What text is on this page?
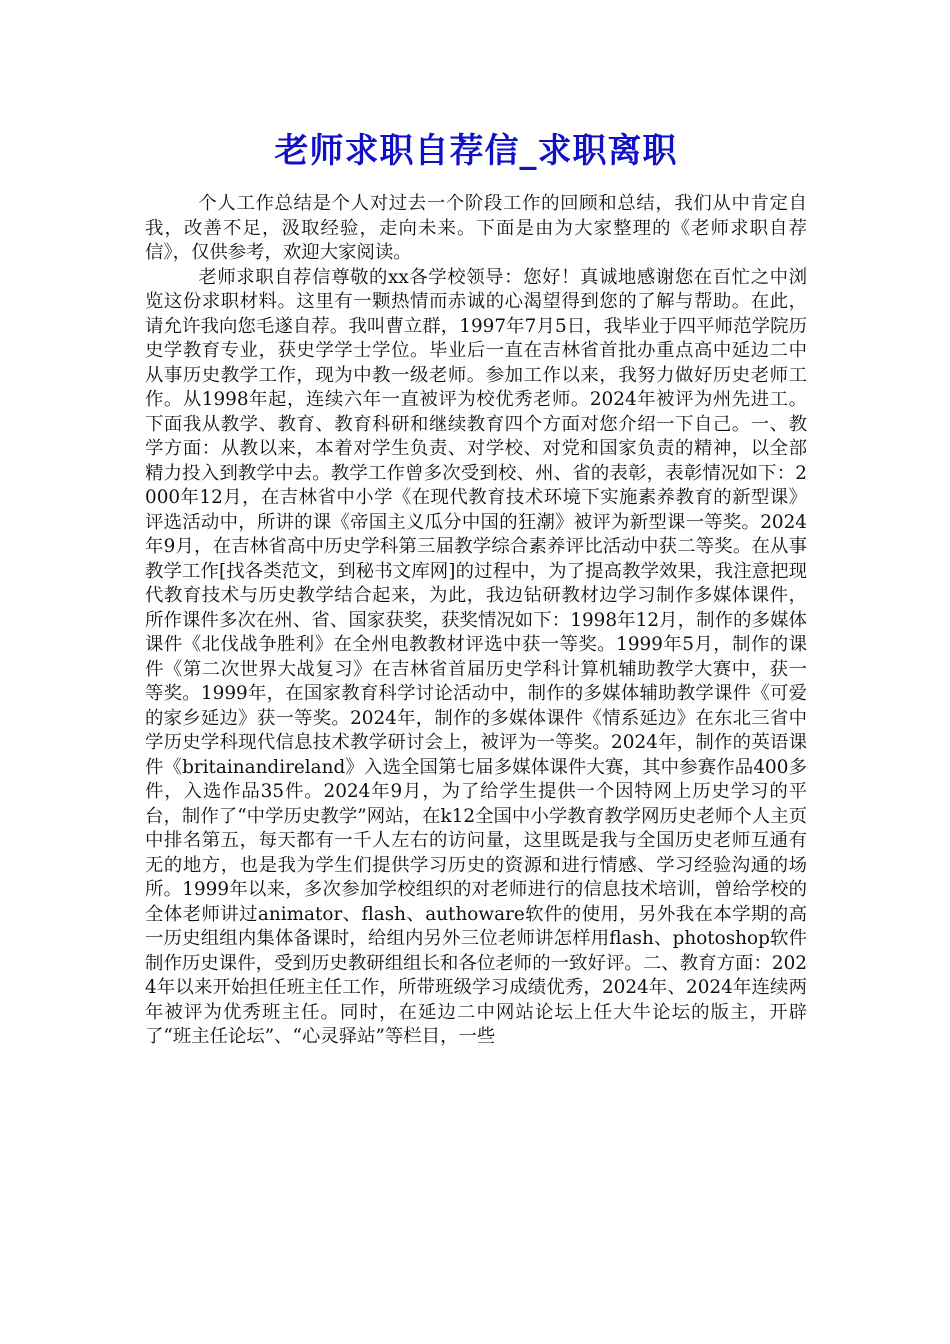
老师求职自荐信_求职离职

个人工作总结是个人对过去一个阶段工作的回顾和总结，我们从中肯定自我，改善不足，汲取经验，走向未来。下面是由为大家整理的《老师求职自荐信》，仅供参考，欢迎大家阅读。

老师求职自荐信尊敬的xx各学校领导：您好！真诚地感谢您在百忙之中浏览这份求职材料。这里有一颗热情而赤诚的心渴望得到您的了解与帮助。在此，请允许我向您毛遂自荐。我叫曹立群，1997年7月5日，我毕业于四平师范学院历史学教育专业，获史学学士学位。毕业后一直在吉林省首批办重点高中延边二中从事历史教学工作，现为中教一级老师。参加工作以来，我努力做好历史老师工作。从1998年起，连续六年一直被评为校优秀老师。2024年被评为州先进工。下面我从教学、教育、教育科研和继续教育四个方面对您介绍一下自己。一、教学方面：从教以来，本着对学生负责、对学校、对党和国家负责的精神，以全部精力投入到教学中去。教学工作曾多次受到校、州、省的表彰，表彰情况如下：2000年12月，在吉林省中小学《在现代教育技术环境下实施素养教育的新型课》评选活动中，所讲的课《帝国主义瓜分中国的狂潮》被评为新型课一等奖。2024年9月，在吉林省高中历史学科第三届教学综合素养评比活动中获二等奖。在从事教学工作[找各类范文，到秘书文库网]的过程中，为了提高教学效果，我注意把现代教育技术与历史教学结合起来，为此，我边钻研教材边学习制作多媒体课件，所作课件多次在州、省、国家获奖，获奖情况如下：1998年12月，制作的多媒体课件《北伐战争胜利》在全州电教教材评选中获一等奖。1999年5月，制作的课件《第二次世界大战复习》在吉林省首届历史学科计算机辅助教学大赛中，获一等奖。1999年，在国家教育科学讨论活动中，制作的多媒体辅助教学课件《可爱的家乡延边》获一等奖。2024年，制作的多媒体课件《情系延边》在东北三省中学历史学科现代信息技术教学研讨会上，被评为一等奖。2024年，制作的英语课件《britainandireland》入选全国第七届多媒体课件大赛，其中参赛作品400多件，入选作品35件。2024年9月，为了给学生提供一个因特网上历史学习的平台，制作了“中学历史教学”网站，在k12全国中小学教育教学网历史老师个人主页中排名第五，每天都有一千人左右的访问量，这里既是我与全国历史老师互通有无的地方，也是我为学生们提供学习历史的资源和进行情感、学习经验沟通的场所。1999年以来，多次参加学校组织的对老师进行的信息技术培训，曾给学校的全体老师讲过animator、flash、authoware软件的使用，另外我在本学期的高一历史组组内集体备课时，给组内另外三位老师讲怎样用flash、photoshop软件制作历史课件，受到历史教研组组长和各位老师的一致好评。二、教育方面：2024年以来开始担任班主任工作，所带班级学习成绩优秀，2024年、2024年连续两年被评为优秀班主任。同时，在延边二中网站论坛上任大牛论坛的版主，开辟了“班主任论坛”、“心灵驿站”等栏目，一些
